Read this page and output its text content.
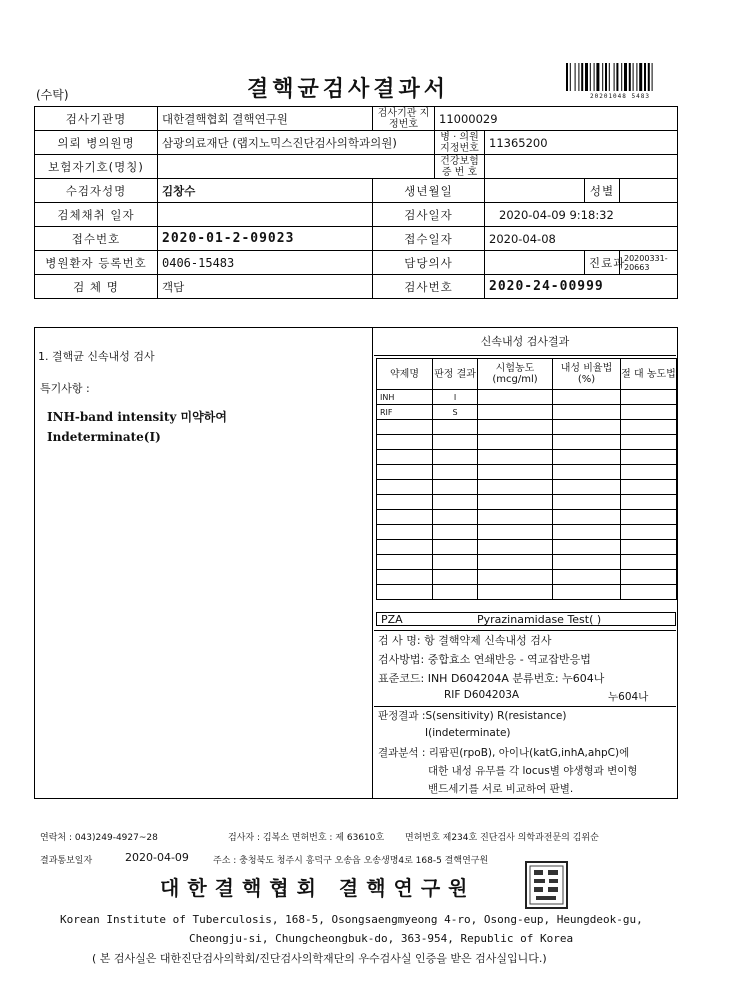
(수탁)	결핵균검사결과서	20201048 5483
검사기관명	대한결핵협회 결핵연구원	검사기관 지정번호	11000029			
의뢰 병의원명	삼광의료재단 (랩지노믹스진단검사의학과의원)		병 · 의원 지정번호	11365200		
보험자기호(명칭)			건강보험 증 번 호			
수검자성명	김창수	생년월일			성별	
검체채취 일자		검사일자		2020-04-09 9:18:32		
접수번호	2020-01-2-09023	접수일자		2020-04-08		
병원환자 등록번호	0406-15483	담당의사			진료과	20200331-20663
검 체 명	객담	검사번호		2020-24-00999		
1. 결핵균 신속내성 검사
특기사항 :
INH-band intensity 미약하여
Indeterminate(I)
신속내성 검사결과
약제명	판정 결과	시험농도 (mcg/ml)	내성 비율법(%)	절 대 농도법
INH	I			
RIF	S			

PZA	Pyrazinamidase Test( )
검 사 명: 항 결핵약제 신속내성 검사
검사방법: 중합효소 연쇄반응 - 역교잡반응법
표준코드: INH D604204A 분류번호: 누604나
RIF D604203A	누604나
판정결과 :S(sensitivity) R(resistance)
I(indeterminate)
결과분석 : 리팜핀(rpoB), 아이나(katG,inhA,ahpC)에
대한 내성 유무를 각 locus별 야생형과 변이형
밴드세기를 서로 비교하여 판별.
연락처 : 043)249-4927~28	검사자 : 김복소 면허번호 : 제 63610호 면허번호 제234호 진단검사 의학과전문의 김위순
결과통보일자	2020-04-09	주소 : 충청북도 청주시 흥덕구 오송읍 오송생명4로 168-5 결핵연구원
대한결핵협회 결핵연구원
Korean Institute of Tuberculosis, 168-5, Osongsaengmyeong 4-ro, Osong-eup, Heungdeok-gu,
Cheongju-si, Chungcheongbuk-do, 363-954, Republic of Korea
( 본 검사실은 대한진단검사의학회/진단검사의학재단의 우수검사실 인증을 받은 검사실입니다.)
